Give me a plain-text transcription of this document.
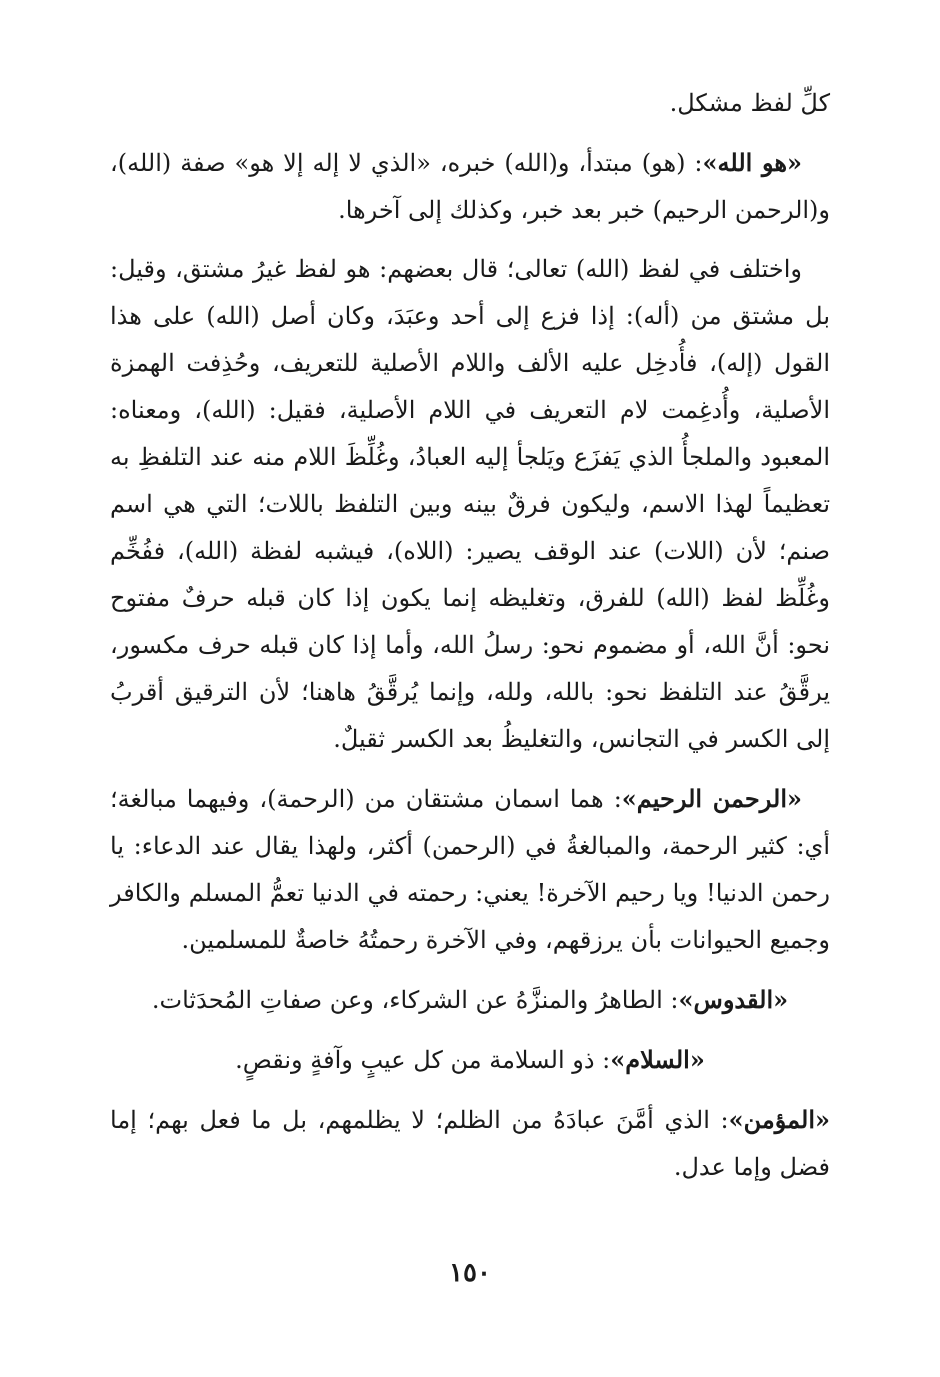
كلِّ لفظ مشكل.

«هو الله»: (هو) مبتدأ، و(الله) خبره، «الذي لا إله إلا هو» صفة (الله)، و(الرحمن الرحيم) خبر بعد خبر، وكذلك إلى آخرها.

واختلف في لفظ (الله) تعالى؛ قال بعضهم: هو لفظ غيرُ مشتق، وقيل: بل مشتق من (أله): إذا فزع إلى أحد وعبَدَ، وكان أصل (الله) على هذا القول (إله)، فأُدخِل عليه الألف واللام الأصلية للتعريف، وحُذِفت الهمزة الأصلية، وأُدغِمت لام التعريف في اللام الأصلية، فقيل: (الله)، ومعناه: المعبود والملجأُ الذي يَفزَع ويَلجأ إليه العبادُ، وغُلِّظَ اللام منه عند التلفظِ به تعظيماً لهذا الاسم، وليكون فرقٌ بينه وبين التلفظ باللات؛ التي هي اسم صنم؛ لأن (اللات) عند الوقف يصير: (اللاه)، فيشبه لفظة (الله)، ففُخِّم وغُلِّظ لفظ (الله) للفرق، وتغليظه إنما يكون إذا كان قبله حرفٌ مفتوح نحو: أنَّ الله، أو مضموم نحو: رسلُ الله، وأما إذا كان قبله حرف مكسور، يرقَّقُ عند التلفظ نحو: بالله، ولله، وإنما يُرقَّقُ هاهنا؛ لأن الترقيق أقربُ إلى الكسر في التجانس، والتغليظُ بعد الكسر ثقيلٌ.

«الرحمن الرحيم»: هما اسمان مشتقان من (الرحمة)، وفيهما مبالغة؛ أي: كثير الرحمة، والمبالغةُ في (الرحمن) أكثر، ولهذا يقال عند الدعاء: يا رحمن الدنيا! ويا رحيم الآخرة! يعني: رحمته في الدنيا تعمُّ المسلم والكافر وجميع الحيوانات بأن يرزقهم، وفي الآخرة رحمتُهُ خاصةٌ للمسلمين.

«القدوس»: الطاهرُ والمنزَّهُ عن الشركاء، وعن صفاتِ المُحدَثات.

«السلام»: ذو السلامة من كل عيبٍ وآفةٍ ونقصٍ.

«المؤمن»: الذي أمَّنَ عبادَهُ من الظلم؛ لا يظلمهم، بل ما فعل بهم؛ إما فضل وإما عدل.

١٥٠
